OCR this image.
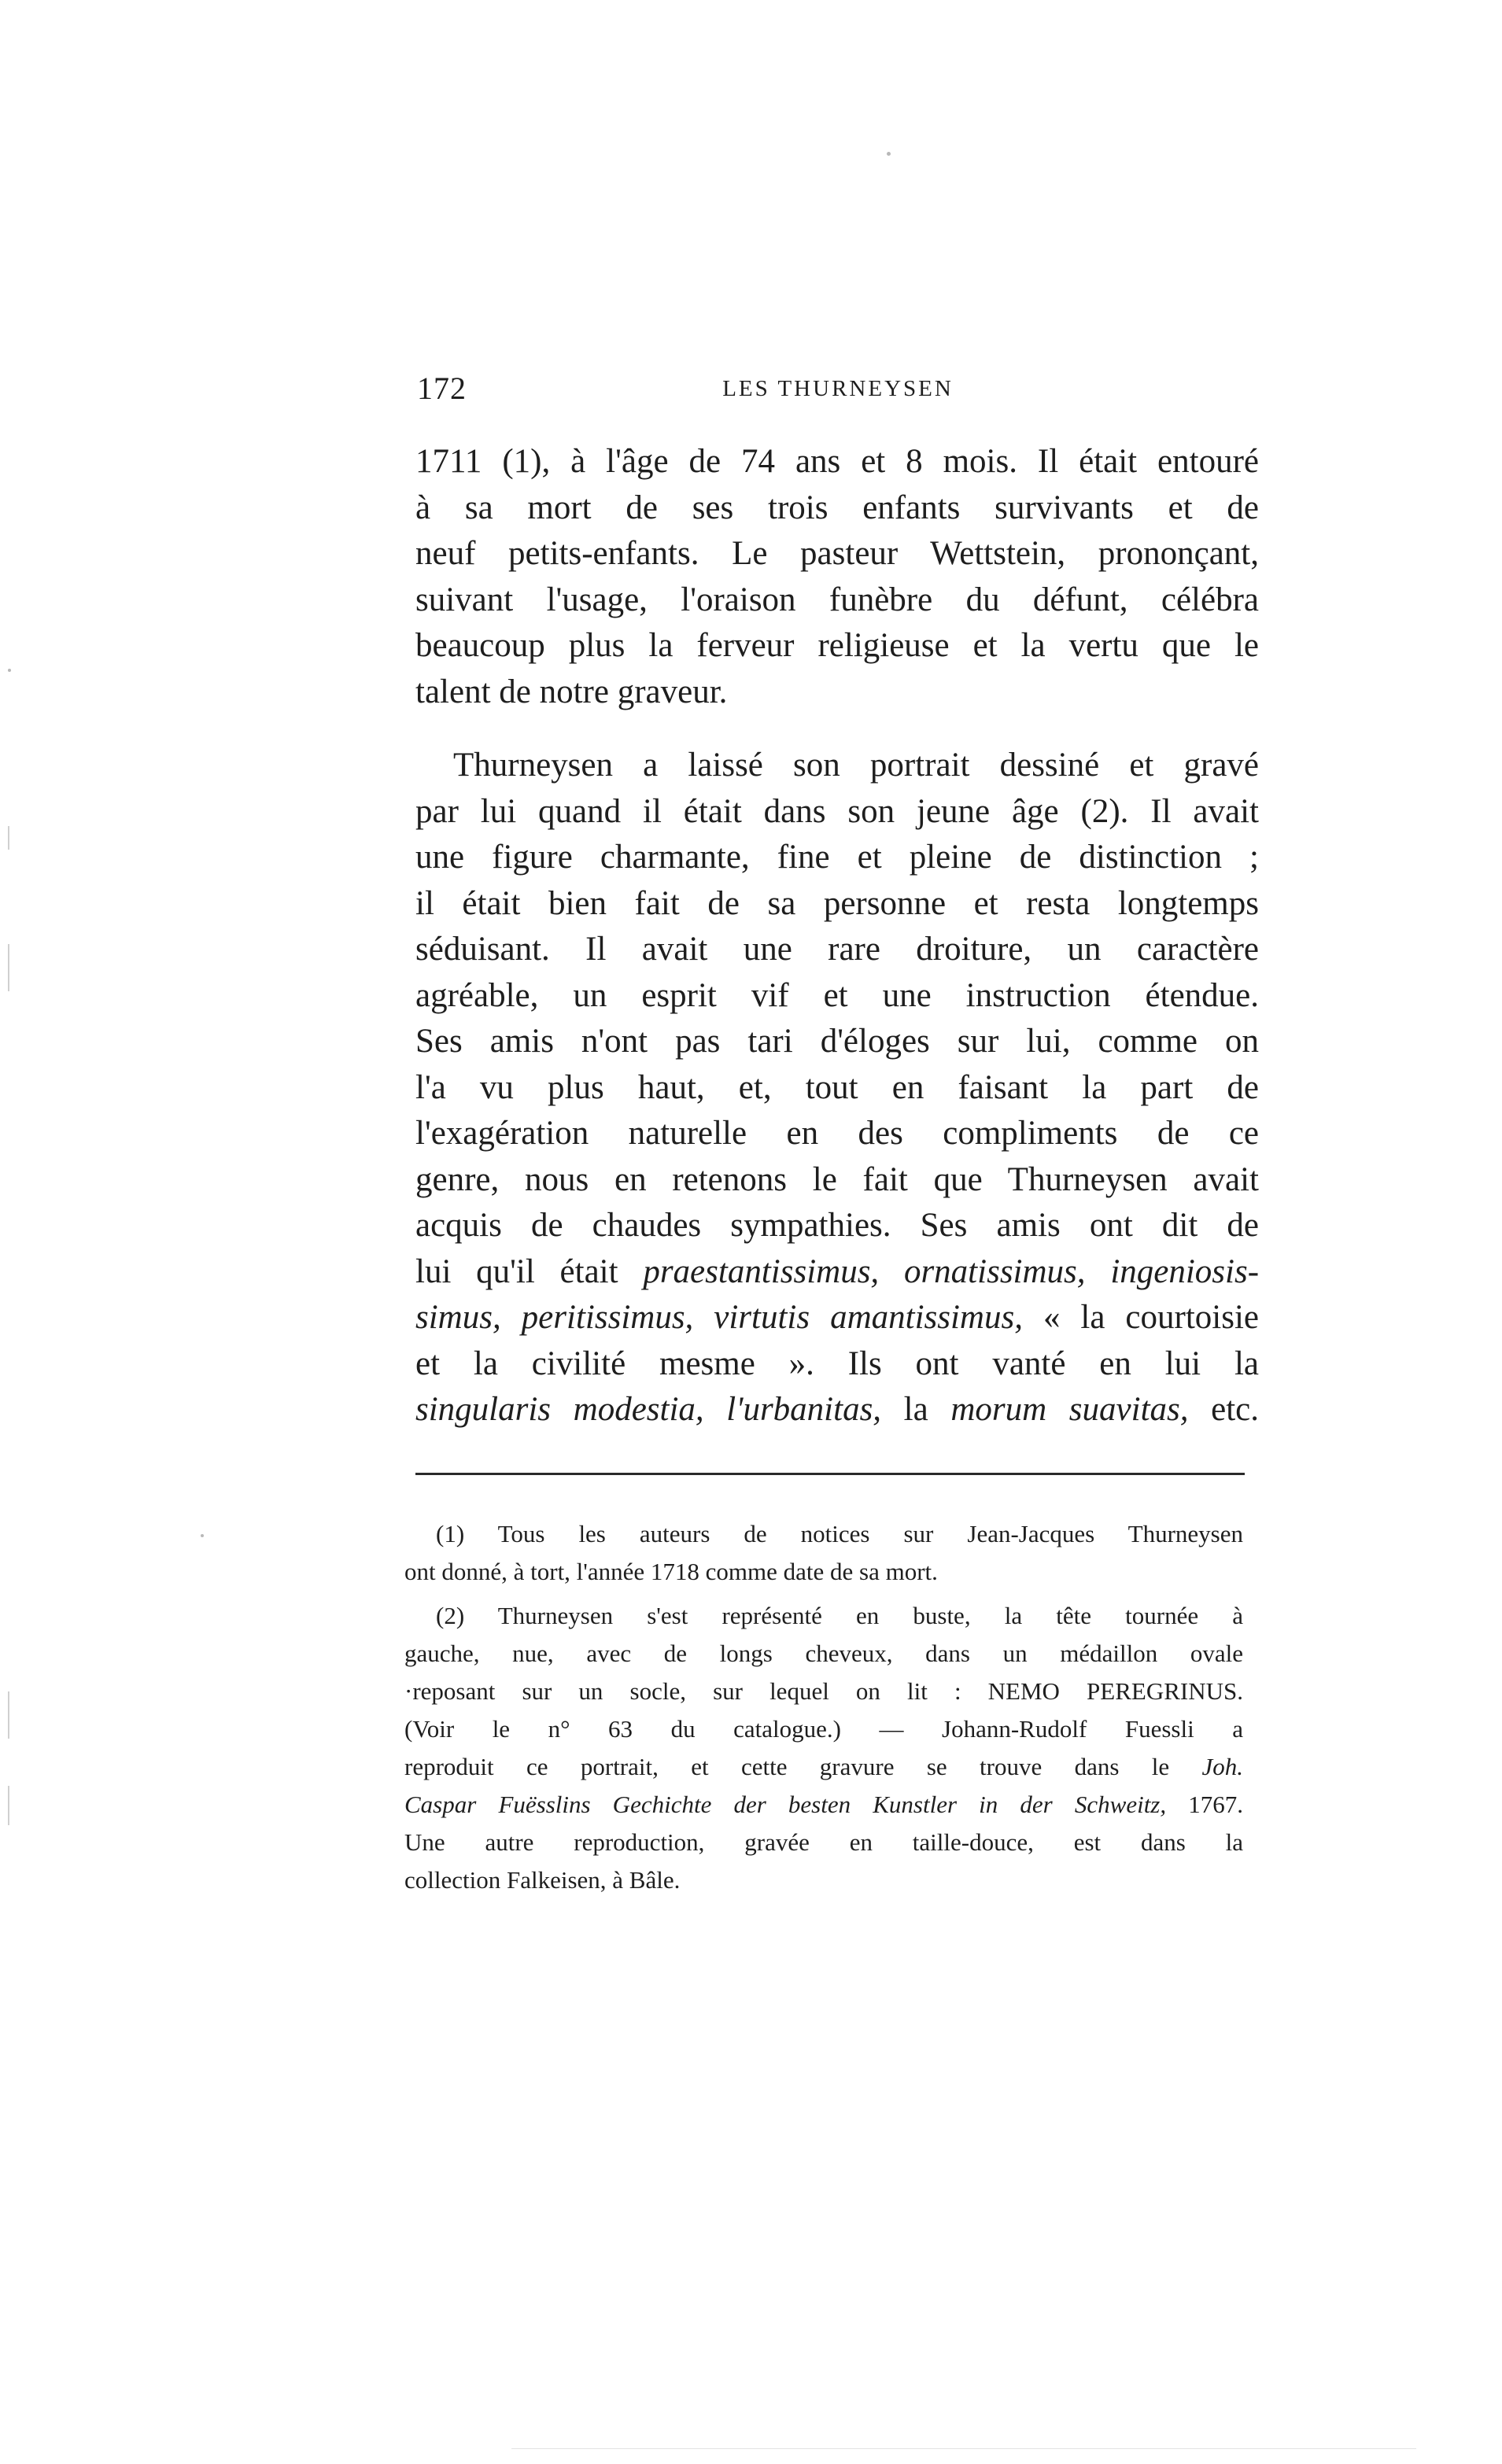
172	LES THURNEYSEN
1711 (1), à l'âge de 74 ans et 8 mois. Il était entouré
à sa mort de ses trois enfants survivants et de
neuf petits-enfants. Le pasteur Wettstein, prononçant,
suivant l'usage, l'oraison funèbre du défunt, célébra
beaucoup plus la ferveur religieuse et la vertu que le
talent de notre graveur.
Thurneysen a laissé son portrait dessiné et gravé
par lui quand il était dans son jeune âge (2). Il avait
une figure charmante, fine et pleine de distinction ;
il était bien fait de sa personne et resta longtemps
séduisant. Il avait une rare droiture, un caractère
agréable, un esprit vif et une instruction étendue.
Ses amis n'ont pas tari d'éloges sur lui, comme on
l'a vu plus haut, et, tout en faisant la part de
l'exagération naturelle en des compliments de ce
genre, nous en retenons le fait que Thurneysen avait
acquis de chaudes sympathies. Ses amis ont dit de
lui qu'il était praestantissimus, ornatissimus, ingeniosis-
simus, peritissimus, virtutis amantissimus, « la courtoisie
et la civilité mesme ». Ils ont vanté en lui la
singularis modestia, l'urbanitas, la morum suavitas, etc.
(1) Tous les auteurs de notices sur Jean-Jacques Thurneysen
ont donné, à tort, l'année 1718 comme date de sa mort.
(2) Thurneysen s'est représenté en buste, la tête tournée à
gauche, nue, avec de longs cheveux, dans un médaillon ovale
·reposant sur un socle, sur lequel on lit : NEMO PEREGRINUS.
(Voir le n° 63 du catalogue.) — Johann-Rudolf Fuessli a
reproduit ce portrait, et cette gravure se trouve dans le Joh.
Caspar Fuësslins Gechichte der besten Kunstler in der Schweitz, 1767.
Une autre reproduction, gravée en taille-douce, est dans la
collection Falkeisen, à Bâle.
